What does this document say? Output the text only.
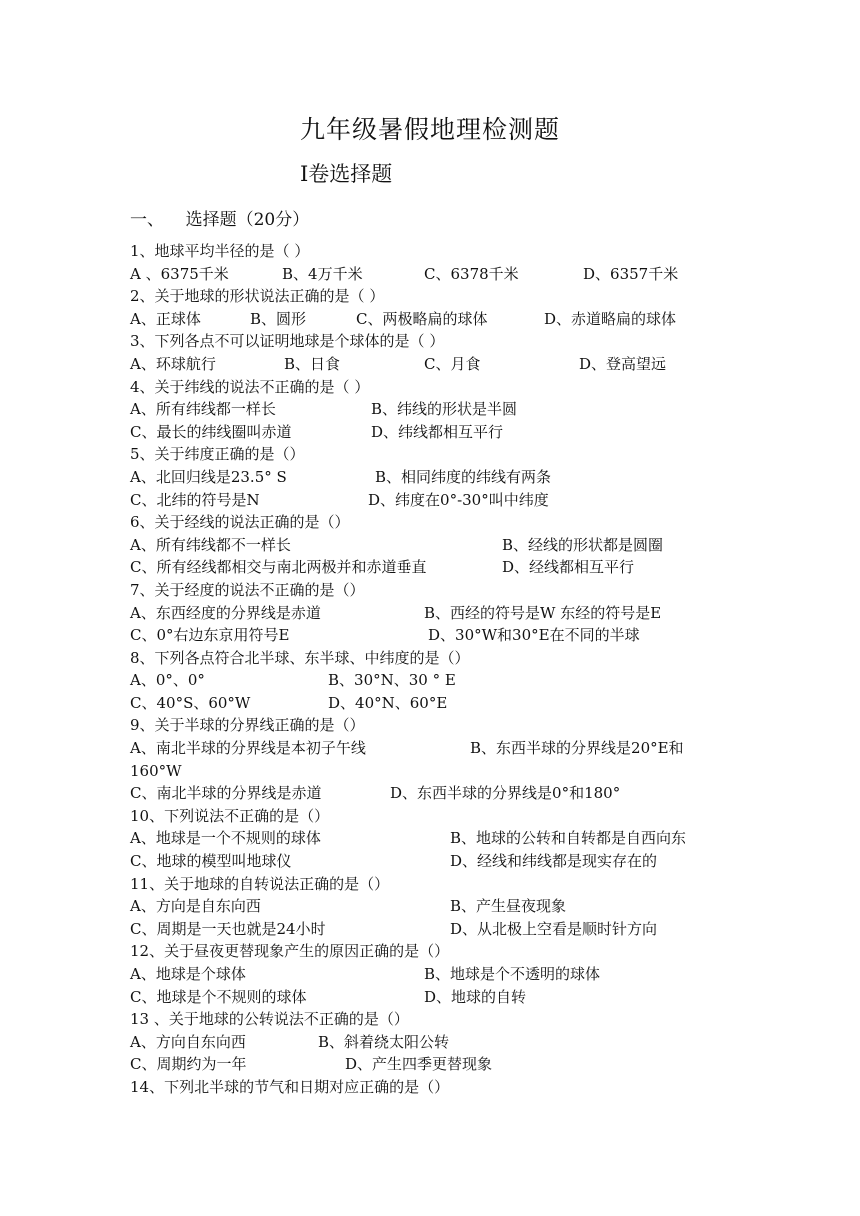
九年级暑假地理检测题
Ⅰ卷选择题
一、    选择题（20分）
1、地球平均半径的是（ ）
A 、6375千米	B、4万千米	C、6378千米	D、6357千米
2、关于地球的形状说法正确的是（ ）
A、正球体	B、圆形	C、两极略扁的球体	D、赤道略扁的球体
3、下列各点不可以证明地球是个球体的是（ ）
A、环球航行	B、日食	C、月食	D、登高望远
4、关于纬线的说法不正确的是（ ）
A、所有纬线都一样长	B、纬线的形状是半圆
C、最长的纬线圈叫赤道	D、纬线都相互平行
5、关于纬度正确的是（）
A、北回归线是23.5° S	B、相同纬度的纬线有两条
C、北纬的符号是N	D、纬度在0°-30°叫中纬度
6、关于经线的说法正确的是（）
A、所有纬线都不一样长	B、经线的形状都是圆圈
C、所有经线都相交与南北两极并和赤道垂直	D、经线都相互平行
7、关于经度的说法不正确的是（）
A、东西经度的分界线是赤道	B、西经的符号是W 东经的符号是E
C、0°右边东京用符号E	D、30°W和30°E在不同的半球
8、下列各点符合北半球、东半球、中纬度的是（）
A、0°、0°	B、30°N、30 ° E
C、40°S、60°W	D、40°N、60°E
9、关于半球的分界线正确的是（）
A、南北半球的分界线是本初子午线	B、东西半球的分界线是20°E和
160°W
C、南北半球的分界线是赤道	D、东西半球的分界线是0°和180°
10、下列说法不正确的是（）
A、地球是一个不规则的球体	B、地球的公转和自转都是自西向东
C、地球的模型叫地球仪	D、经线和纬线都是现实存在的
11、关于地球的自转说法正确的是（）
A、方向是自东向西	B、产生昼夜现象
C、周期是一天也就是24小时	D、从北极上空看是顺时针方向
12、关于昼夜更替现象产生的原因正确的是（）
A、地球是个球体	B、地球是个不透明的球体
C、地球是个不规则的球体	D、地球的自转
13 、关于地球的公转说法不正确的是（）
A、方向自东向西	B、斜着绕太阳公转
C、周期约为一年	D、产生四季更替现象
14、下列北半球的节气和日期对应正确的是（）
